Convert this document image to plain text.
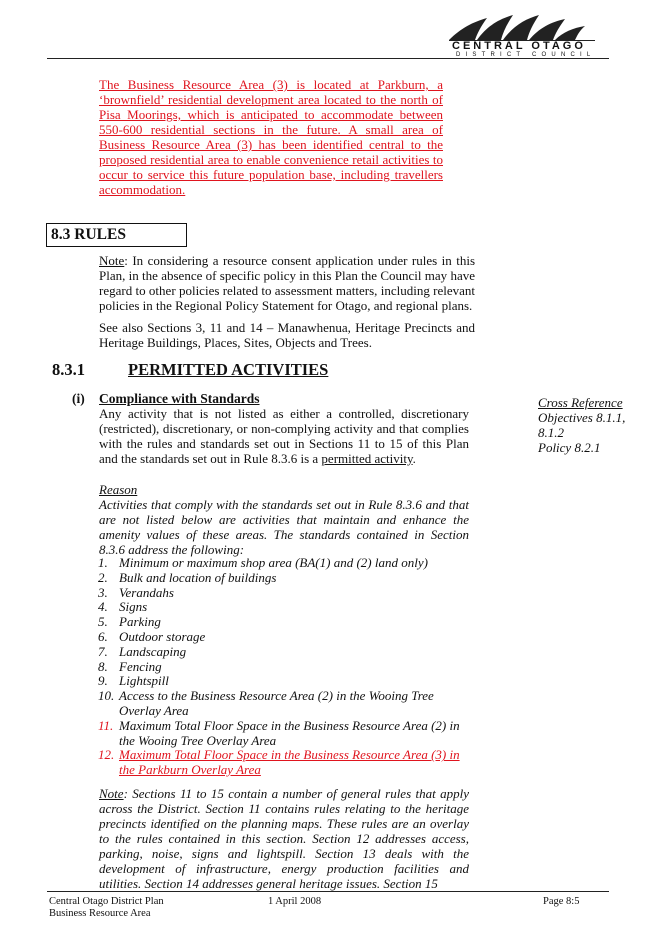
CENTRAL OTAGO
DISTRICT COUNCIL
The Business Resource Area (3) is located at Parkburn, a ‘brownfield’ residential development area located to the north of Pisa Moorings, which is anticipated to accommodate between 550-600 residential sections in the future. A small area of Business Resource Area (3) has been identified central to the proposed residential area to enable convenience retail activities to occur to service this future population base, including travellers accommodation.
8.3 RULES
Note: In considering a resource consent application under rules in this Plan, in the absence of specific policy in this Plan the Council may have regard to other policies related to assessment matters, including relevant policies in the Regional Policy Statement for Otago, and regional plans.
See also Sections 3, 11 and 14 – Manawhenua, Heritage Precincts and Heritage Buildings, Places, Sites, Objects and Trees.
8.3.1	PERMITTED ACTIVITIES
(i) Compliance with Standards
Any activity that is not listed as either a controlled, discretionary (restricted), discretionary, or non-complying activity and that complies with the rules and standards set out in Sections 11 to 15 of this Plan and the standards set out in Rule 8.3.6 is a permitted activity.
Cross Reference
Objectives 8.1.1,
8.1.2
Policy 8.2.1
Reason
Activities that comply with the standards set out in Rule 8.3.6 and that are not listed below are activities that maintain and enhance the amenity values of these areas. The standards contained in Section 8.3.6 address the following:
1. Minimum or maximum shop area (BA(1) and (2) land only)
2. Bulk and location of buildings
3. Verandahs
4. Signs
5. Parking
6. Outdoor storage
7. Landscaping
8. Fencing
9. Lightspill
10. Access to the Business Resource Area (2) in the Wooing Tree Overlay Area
11. Maximum Total Floor Space in the Business Resource Area (2) in the Wooing Tree Overlay Area
12. Maximum Total Floor Space in the Business Resource Area (3) in the Parkburn Overlay Area
Note: Sections 11 to 15 contain a number of general rules that apply across the District. Section 11 contains rules relating to the heritage precincts identified on the planning maps. These rules are an overlay to the rules contained in this section. Section 12 addresses access, parking, noise, signs and lightspill. Section 13 deals with the development of infrastructure, energy production facilities and utilities. Section 14 addresses general heritage issues. Section 15
Central Otago District Plan
Business Resource Area
1 April 2008	Page 8:5
